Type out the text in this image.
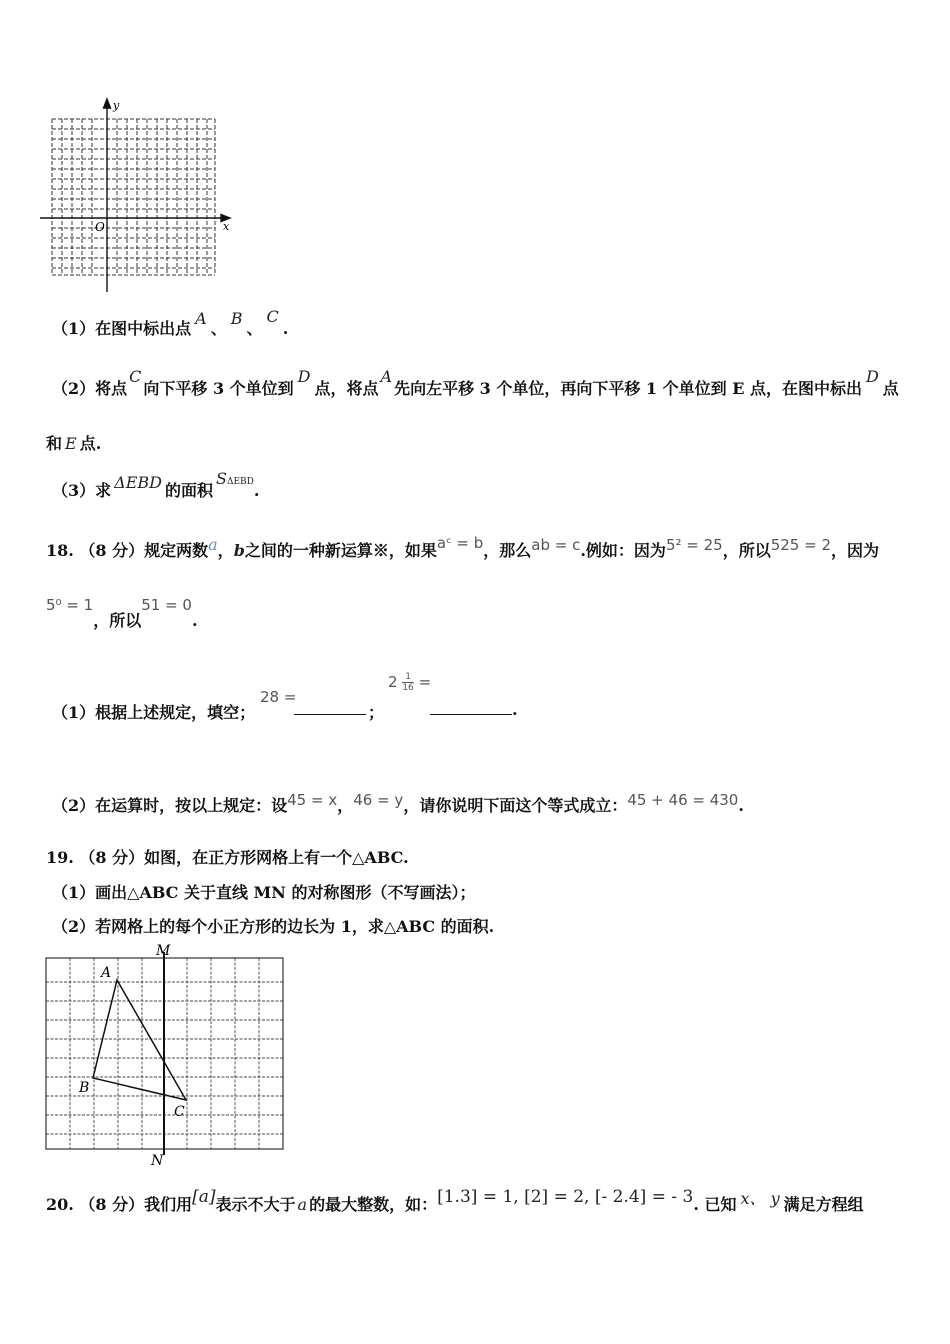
y
x
O
（1）在图中标出点A、B、C.
（2）将点C向下平移 3 个单位到D点，将点A先向左平移 3 个单位，再向下平移 1 个单位到 E 点，在图中标出D点
和 E 点.
（3）求 ΔEBD 的面积SΔEBD.
18. （8 分）规定两数a，b之间的一种新运算※，如果aᶜ = b，那么ab = c.例如：因为5² = 25，所以525 = 2，因为
5⁰ = 1，所以51 = 0.
（1）根据上述规定，填空；
28 =
；
$2 \frac{1}{16}$ =
.
（2）在运算时，按以上规定：设45 = x，46 = y，请你说明下面这个等式成立：45 + 46 = 430.
19. （8 分）如图，在正方形网格上有一个△ABC.
（1）画出△ABC 关于直线 MN 的对称图形（不写画法）；
（2）若网格上的每个小正方形的边长为 1，求△ABC 的面积.
M
N
A
B
C
20. （8 分）我们用[a]表示不大于 a 的最大整数，如：[1.3] = 1, [2] = 2, [- 2.4] = - 3. 已知 x、 y 满足方程组
